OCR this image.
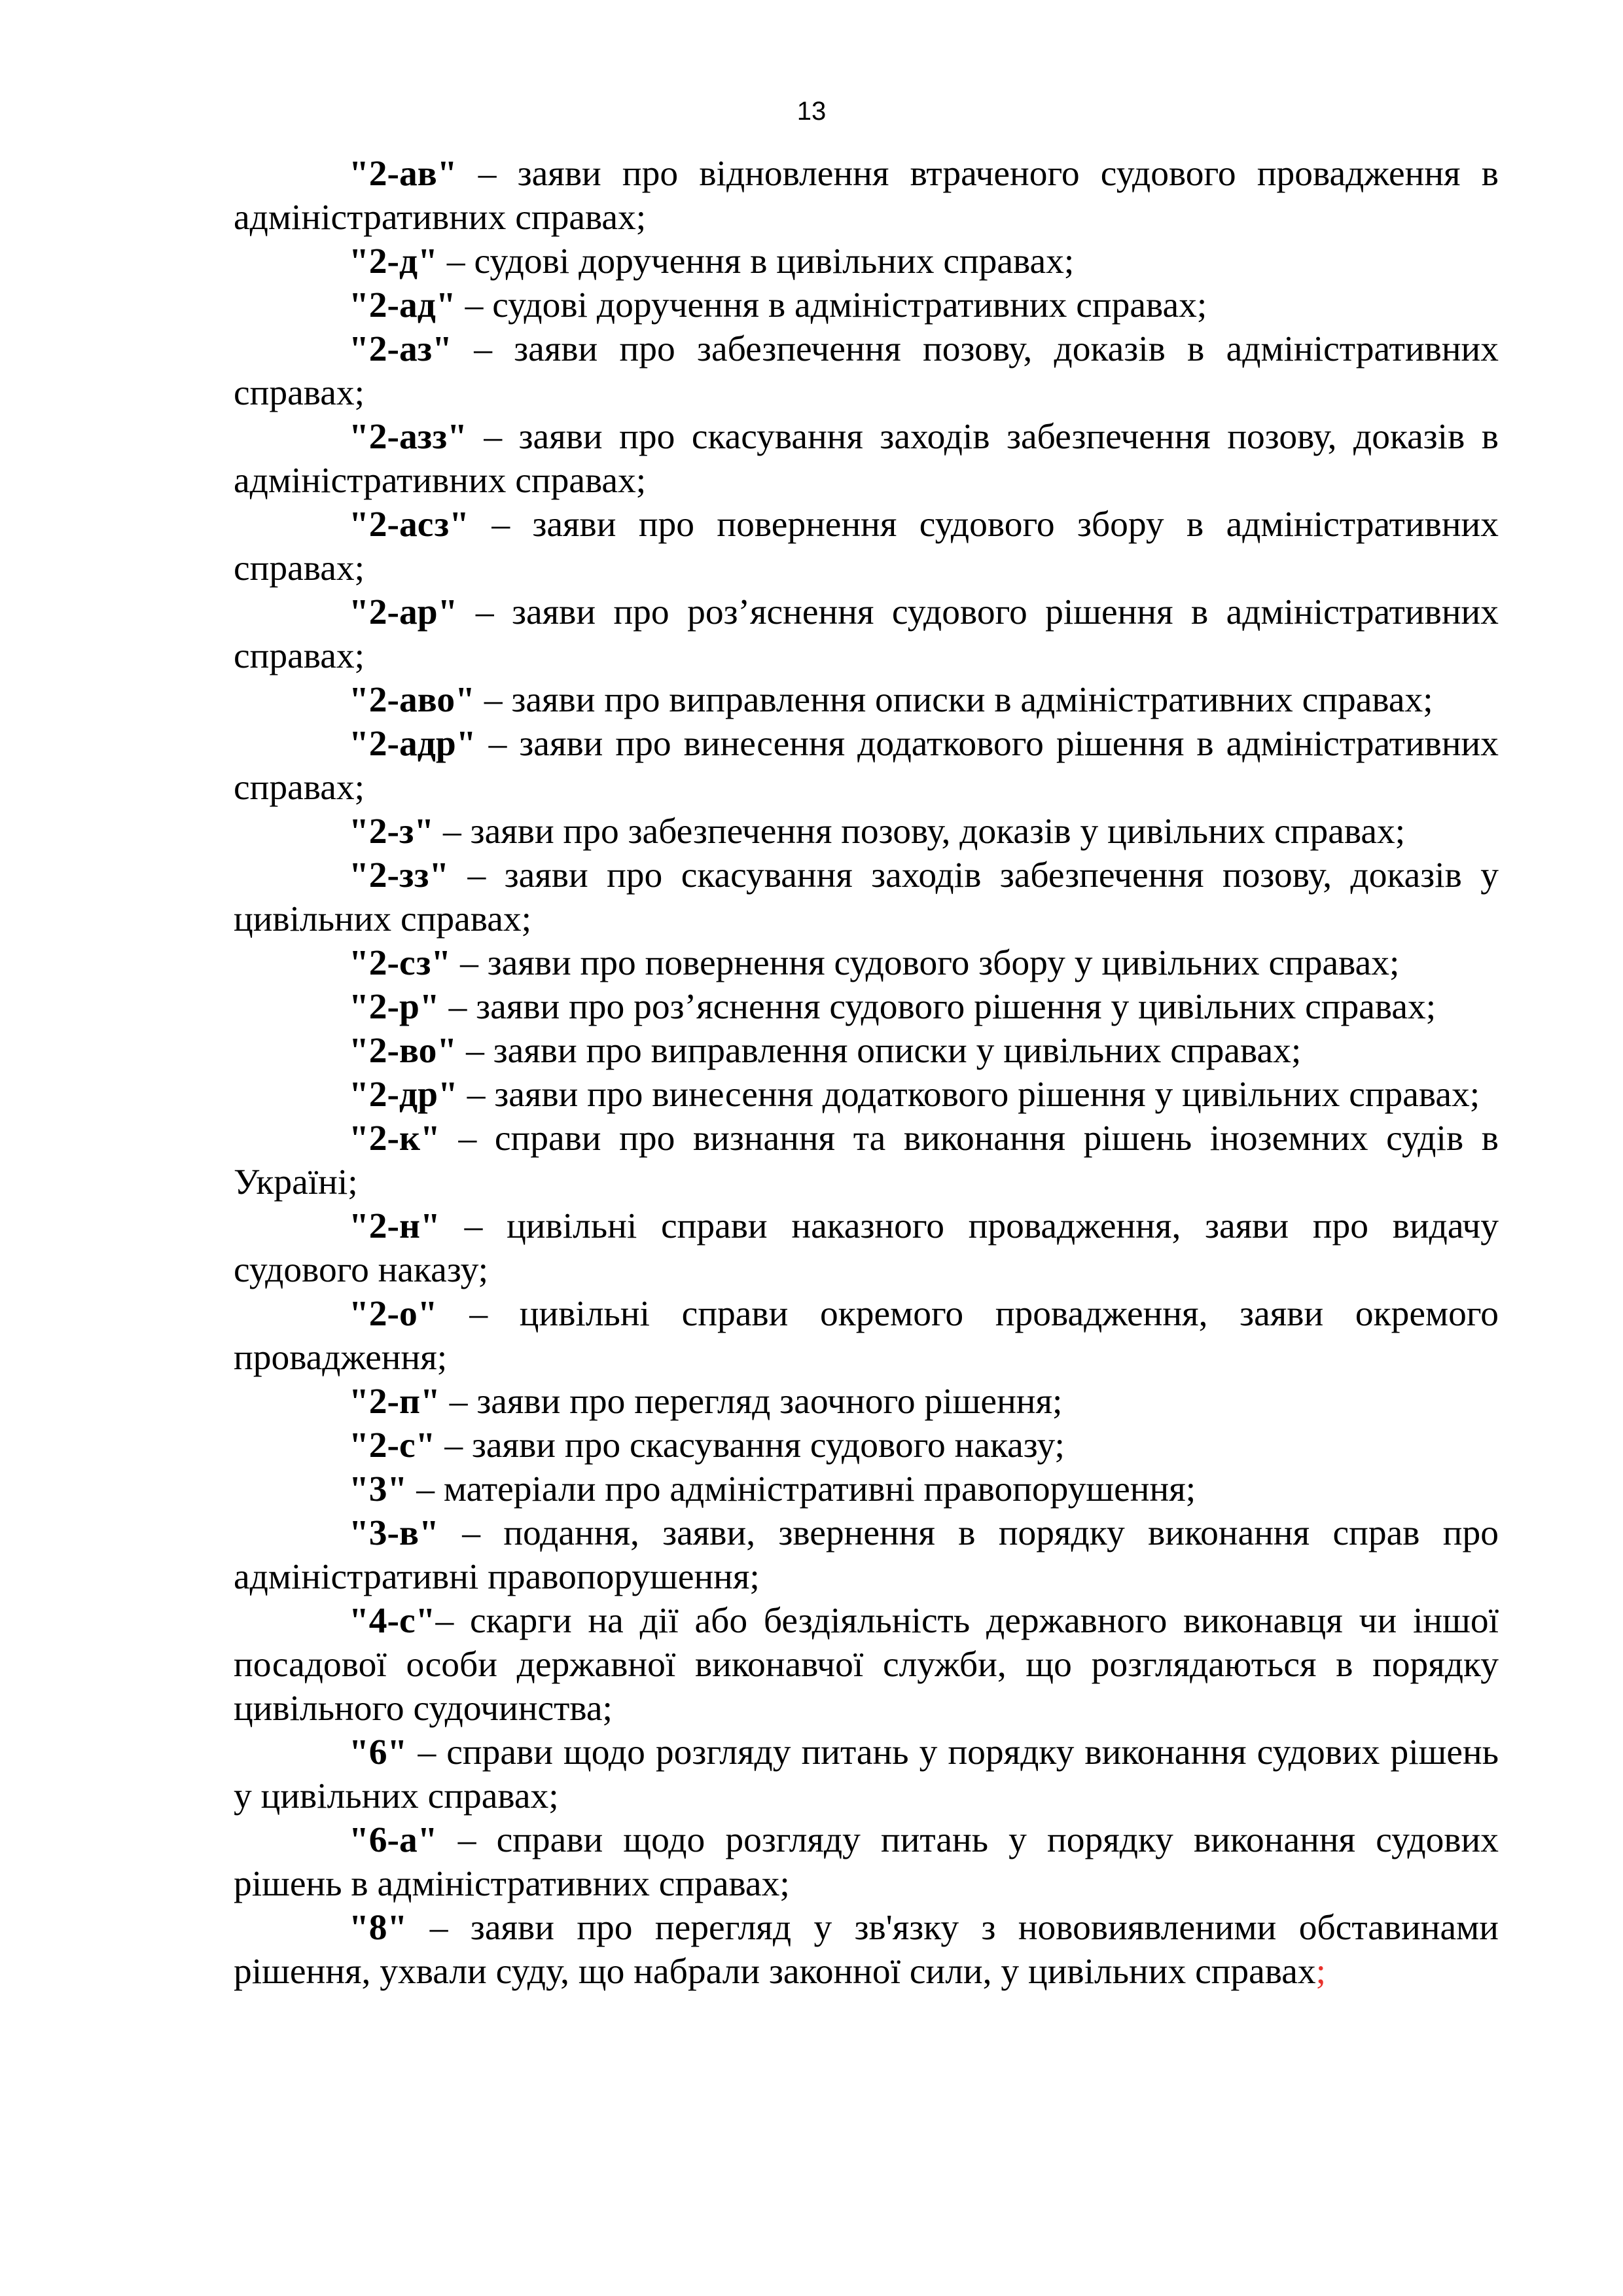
13

"2-ав" – заяви про відновлення втраченого судового провадження в адміністративних справах;

"2-д" – судові доручення в цивільних справах;

"2-ад" – судові доручення в адміністративних справах;

"2-аз" – заяви про забезпечення позову, доказів в адміністративних справах;

"2-азз" – заяви про скасування заходів забезпечення позову, доказів в адміністративних справах;

"2-асз" – заяви про повернення судового збору в адміністративних справах;

"2-ар" – заяви про роз’яснення судового рішення в адміністративних справах;

"2-аво" – заяви про виправлення описки в адміністративних справах;

"2-адр" – заяви про винесення додаткового рішення в адміністративних справах;

"2-з" – заяви про забезпечення позову, доказів у цивільних справах;

"2-зз" – заяви про скасування заходів забезпечення позову, доказів у цивільних справах;

"2-сз" – заяви про повернення судового збору у цивільних справах;

"2-р" – заяви про роз’яснення судового рішення у цивільних справах;

"2-во" – заяви про виправлення описки у цивільних справах;

"2-др" – заяви про винесення додаткового рішення у цивільних справах;

"2-к" – справи про визнання та виконання рішень іноземних судів в Україні;

"2-н" – цивільні справи наказного провадження, заяви про видачу судового наказу;

"2-о" – цивільні справи окремого провадження, заяви окремого провадження;

"2-п" – заяви про перегляд заочного рішення;

"2-с" – заяви про скасування судового наказу;

"3" – матеріали про адміністративні правопорушення;

"3-в" – подання, заяви, звернення в порядку виконання справ про адміністративні правопорушення;

"4-с"– скарги на дії або бездіяльність державного виконавця чи іншої посадової особи державної виконавчої служби, що розглядаються в порядку цивільного судочинства;

"6" – справи щодо розгляду питань у порядку виконання судових рішень у цивільних справах;

"6-а" – справи щодо розгляду питань у порядку виконання судових рішень в адміністративних справах;

"8" – заяви про перегляд у зв'язку з нововиявленими обставинами рішення, ухвали суду, що набрали законної сили, у цивільних справах;
